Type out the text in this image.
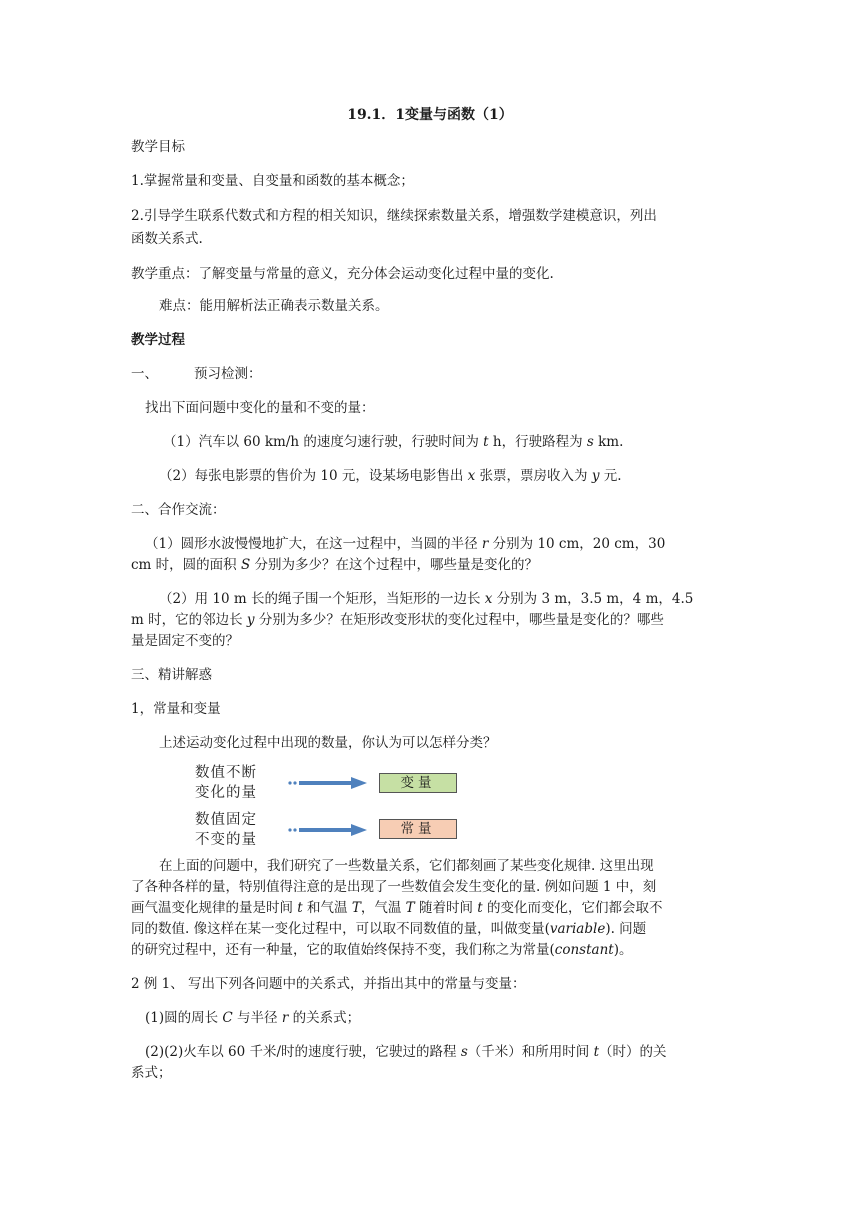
19.1．1变量与函数（1）
教学目标
1.掌握常量和变量、自变量和函数的基本概念；
2.引导学生联系代数式和方程的相关知识，继续探索数量关系，增强数学建模意识，列出
函数关系式.
教学重点：了解变量与常量的意义，充分体会运动变化过程中量的变化.
难点：能用解析法正确表示数量关系。
教学过程
一、	预习检测：
找出下面问题中变化的量和不变的量：
（1）汽车以 60 km/h 的速度匀速行驶，行驶时间为 t h，行驶路程为 s km.
（2）每张电影票的售价为 10 元，设某场电影售出 x 张票，票房收入为 y 元.
二、合作交流：
（1）圆形水波慢慢地扩大，在这一过程中，当圆的半径 r 分别为 10 cm，20 cm，30
cm 时，圆的面积 S 分别为多少？在这个过程中，哪些量是变化的？
（2）用 10 m 长的绳子围一个矩形，当矩形的一边长 x 分别为 3 m，3.5 m，4 m，4.5
m 时，它的邻边长 y 分别为多少？在矩形改变形状的变化过程中，哪些量是变化的？哪些
量是固定不变的？
三、精讲解惑
1，常量和变量
上述运动变化过程中出现的数量，你认为可以怎样分类？
数值不断
变化的量
变量
数值固定
不变的量
常量
在上面的问题中，我们研究了一些数量关系，它们都刻画了某些变化规律. 这里出现
了各种各样的量，特别值得注意的是出现了一些数值会发生变化的量. 例如问题 1 中，刻
画气温变化规律的量是时间 t 和气温 T，气温 T 随着时间 t 的变化而变化，它们都会取不
同的数值. 像这样在某一变化过程中，可以取不同数值的量，叫做变量(variable). 问题
的研究过程中，还有一种量，它的取值始终保持不变，我们称之为常量(constant)。
2 例 1、 写出下列各问题中的关系式，并指出其中的常量与变量：
(1)圆的周长 C 与半径 r 的关系式；
(2)(2)火车以 60 千米/时的速度行驶，它驶过的路程 s（千米）和所用时间 t（时）的关
系式；
